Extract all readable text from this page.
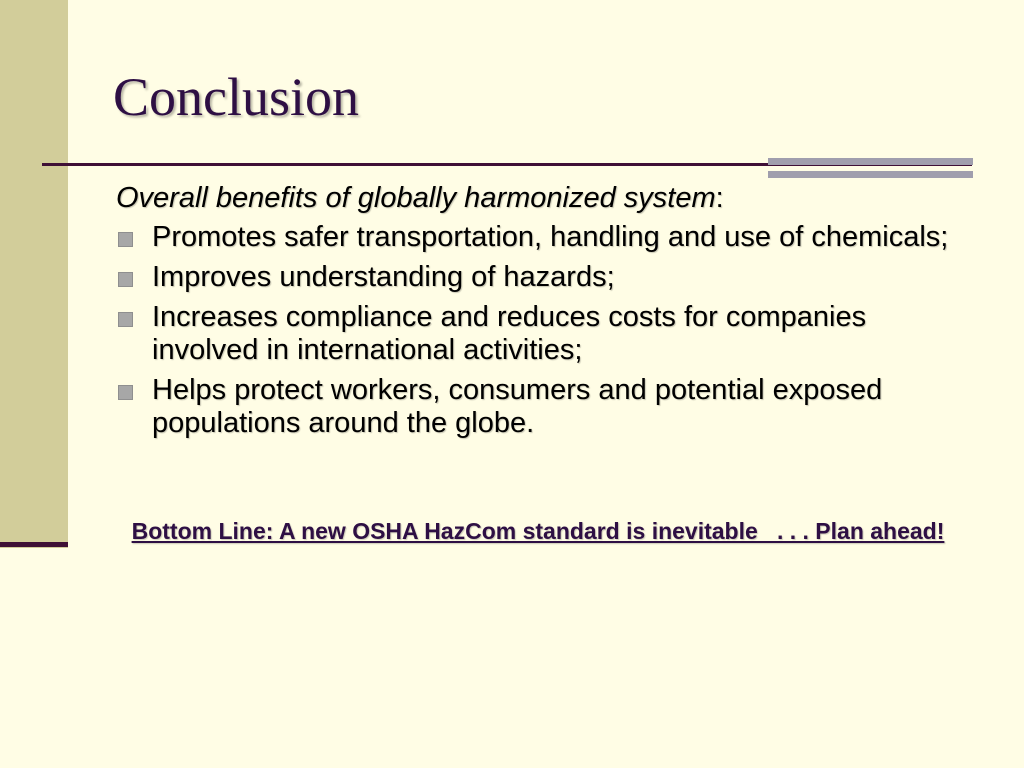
Conclusion

Overall benefits of globally harmonized system:

Promotes safer transportation, handling and use of chemicals;
Improves understanding of hazards;
Increases compliance and reduces costs for companies involved in international activities;
Helps protect workers, consumers and potential exposed populations around the globe.
Bottom Line: A new OSHA HazCom standard is inevitable   . . . Plan ahead!
